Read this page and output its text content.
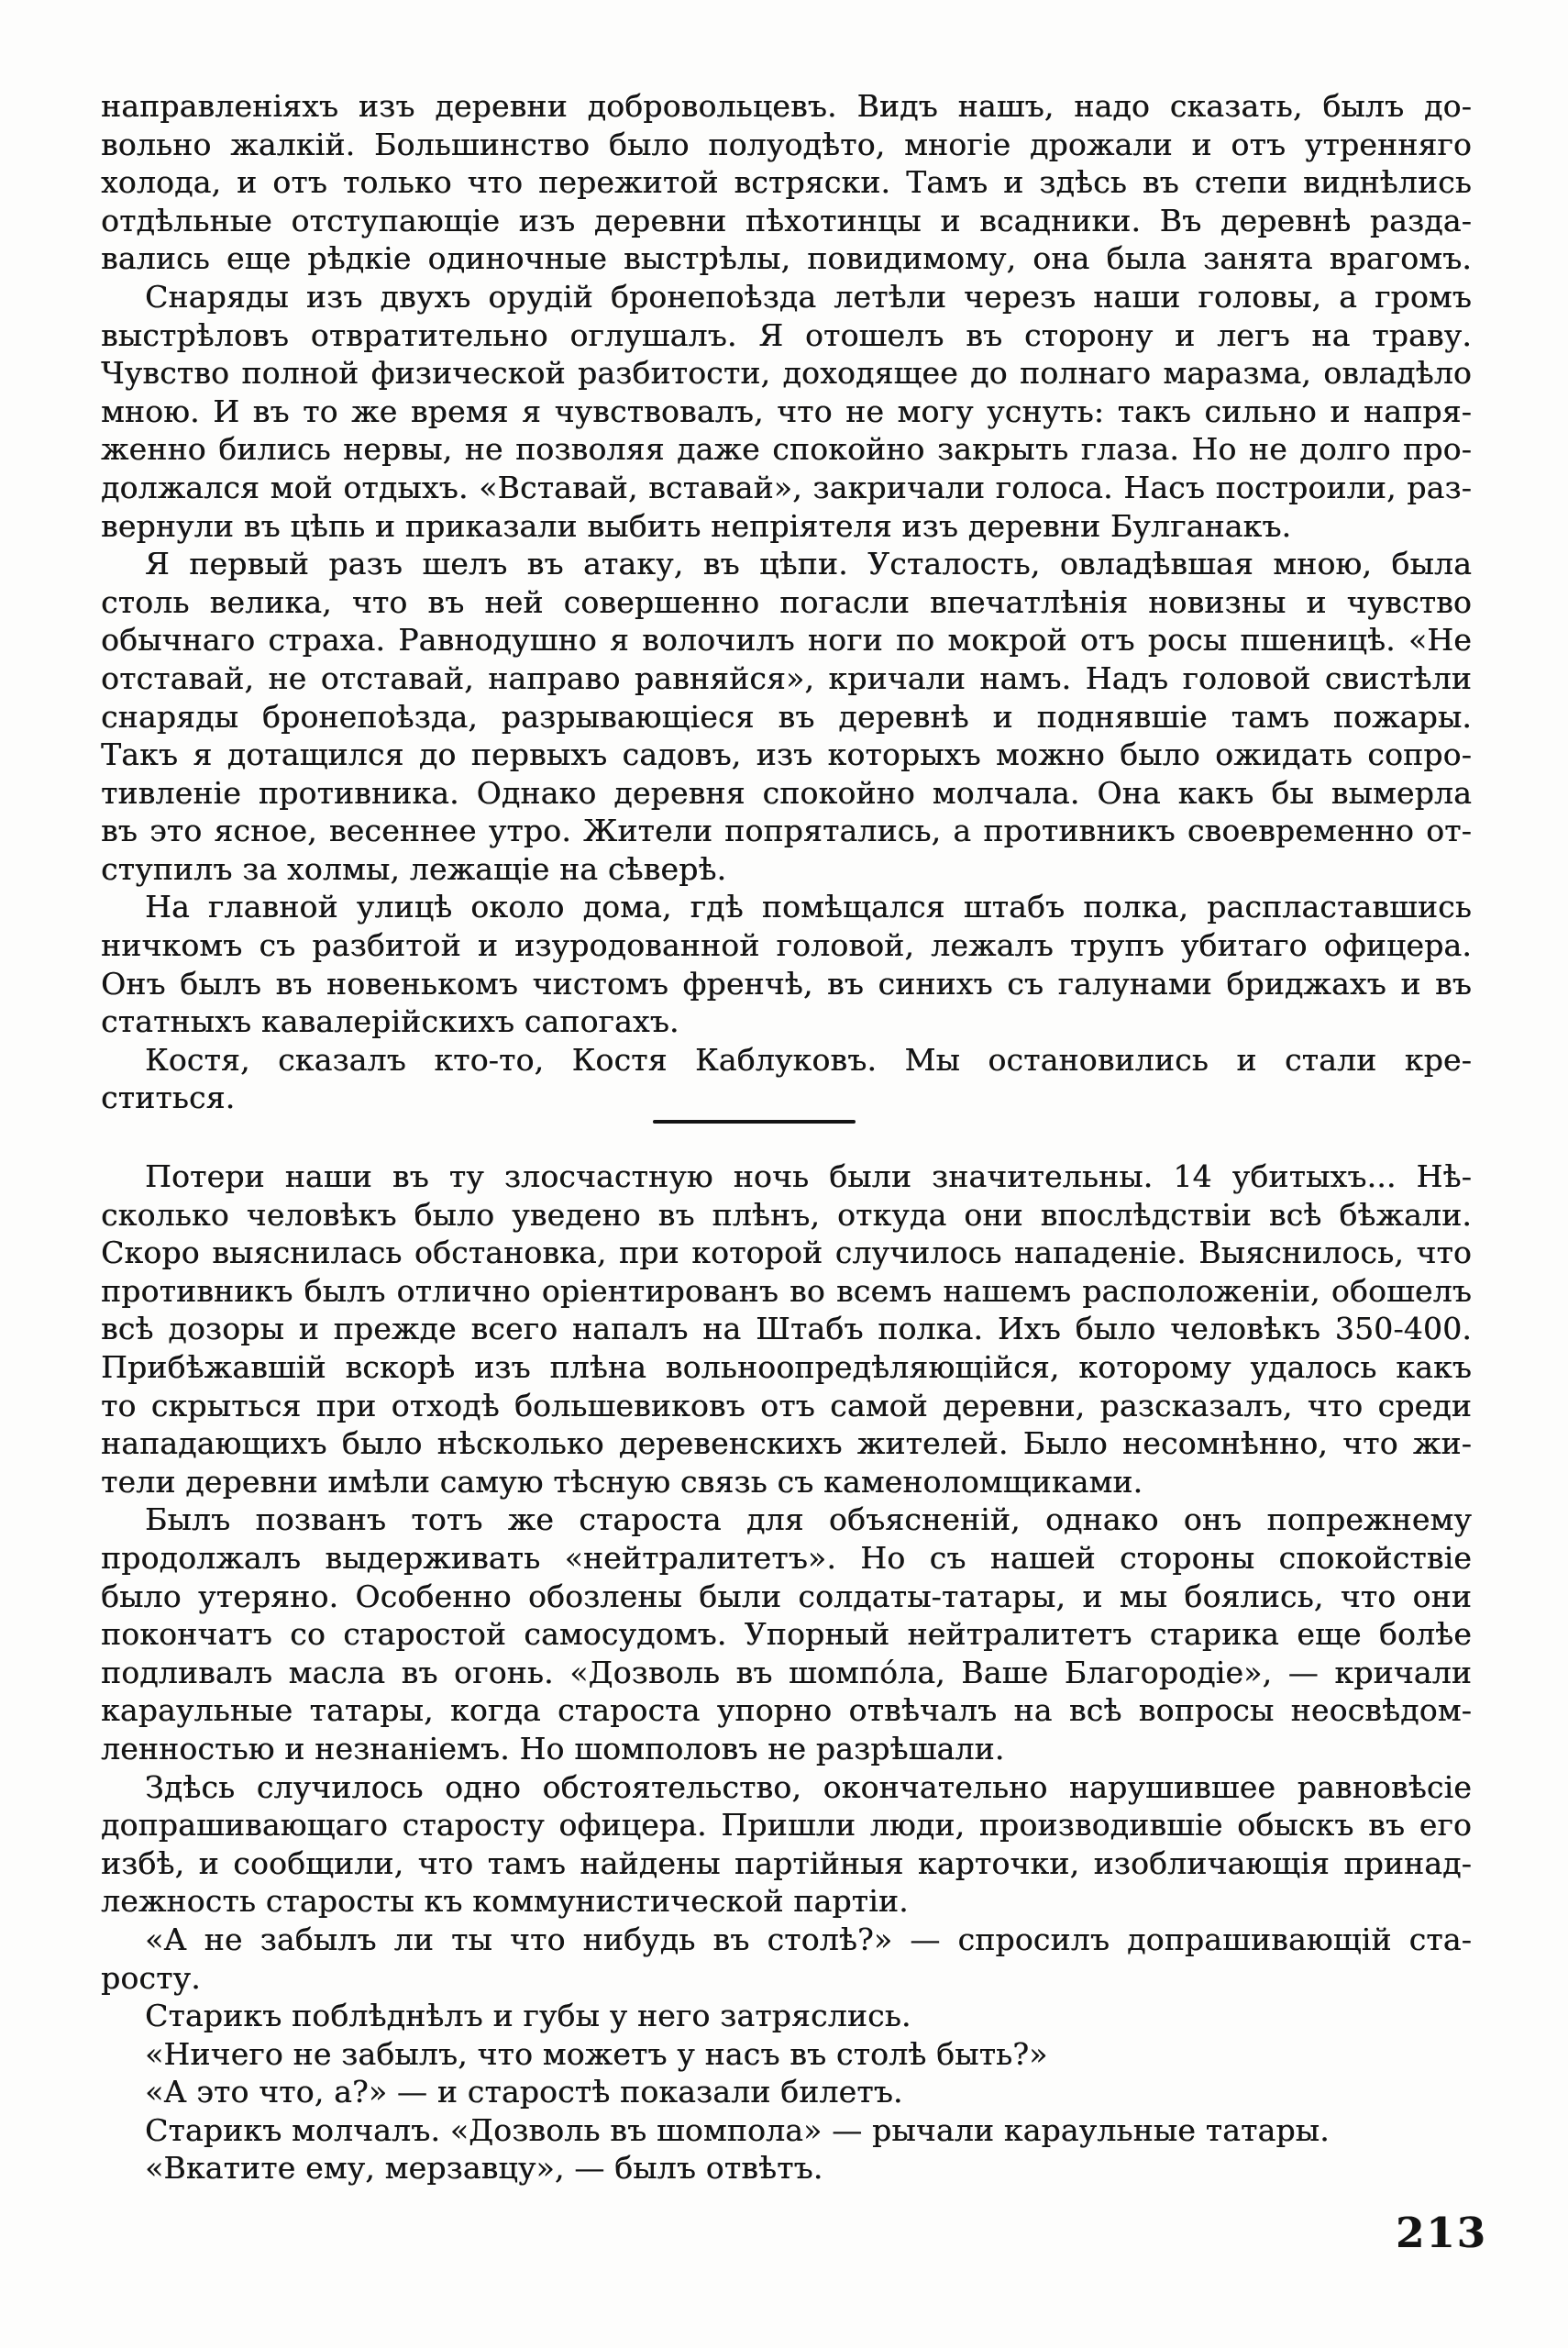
направленіяхъ изъ деревни добровольцевъ. Видъ нашъ, надо сказать, былъ до-
вольно жалкій. Большинство было полуодѣто, многіе дрожали и отъ утренняго
холода, и отъ только что пережитой встряски. Тамъ и здѣсь въ степи виднѣлись
отдѣльные отступающіе изъ деревни пѣхотинцы и всадники. Въ деревнѣ разда-
вались еще рѣдкіе одиночные выстрѣлы, повидимому, она была занята врагомъ.
Снаряды изъ двухъ орудій бронепоѣзда летѣли черезъ наши головы, а громъ
выстрѣловъ отвратительно оглушалъ. Я отошелъ въ сторону и легъ на траву.
Чувство полной физической разбитости, доходящее до полнаго маразма, овладѣло
мною. И въ то же время я чувствовалъ, что не могу уснуть: такъ сильно и напря-
женно бились нервы, не позволяя даже спокойно закрыть глаза. Но не долго про-
должался мой отдыхъ. «Вставай, вставай», закричали голоса. Насъ построили, раз-
вернули въ цѣпь и приказали выбить непріятеля изъ деревни Булганакъ.
Я первый разъ шелъ въ атаку, въ цѣпи. Усталость, овладѣвшая мною, была
столь велика, что въ ней совершенно погасли впечатлѣнія новизны и чувство
обычнаго страха. Равнодушно я волочилъ ноги по мокрой отъ росы пшеницѣ. «Не
отставай, не отставай, направо равняйся», кричали намъ. Надъ головой свистѣли
снаряды бронепоѣзда, разрывающіеся въ деревнѣ и поднявшіе тамъ пожары.
Такъ я дотащился до первыхъ садовъ, изъ которыхъ можно было ожидать сопро-
тивленіе противника. Однако деревня спокойно молчала. Она какъ бы вымерла
въ это ясное, весеннее утро. Жители попрятались, а противникъ своевременно от-
ступилъ за холмы, лежащіе на сѣверѣ.
На главной улицѣ около дома, гдѣ помѣщался штабъ полка, распластавшись
ничкомъ съ разбитой и изуродованной головой, лежалъ трупъ убитаго офицера.
Онъ былъ въ новенькомъ чистомъ френчѣ, въ синихъ съ галунами бриджахъ и въ
статныхъ кавалерійскихъ сапогахъ.
Костя, сказалъ кто-то, Костя Каблуковъ. Мы остановились и стали кре-
ститься.
Потери наши въ ту злосчастную ночь были значительны. 14 убитыхъ... Нѣ-
сколько человѣкъ было уведено въ плѣнъ, откуда они впослѣдствіи всѣ бѣжали.
Скоро выяснилась обстановка, при которой случилось нападеніе. Выяснилось, что
противникъ былъ отлично оріентированъ во всемъ нашемъ расположеніи, обошелъ
всѣ дозоры и прежде всего напалъ на Штабъ полка. Ихъ было человѣкъ 350-400.
Прибѣжавшій вскорѣ изъ плѣна вольноопредѣляющійся, которому удалось какъ
то скрыться при отходѣ большевиковъ отъ самой деревни, разсказалъ, что среди
нападающихъ было нѣсколько деревенскихъ жителей. Было несомнѣнно, что жи-
тели деревни имѣли самую тѣсную связь съ каменоломщиками.
Былъ позванъ тотъ же староста для объясненій, однако онъ попрежнему
продолжалъ выдерживать «нейтралитетъ». Но съ нашей стороны спокойствіе
было утеряно. Особенно обозлены были солдаты-татары, и мы боялись, что они
покончатъ со старостой самосудомъ. Упорный нейтралитетъ старика еще болѣе
подливалъ масла въ огонь. «Дозволь въ шомпо́ла, Ваше Благородіе», — кричали
караульные татары, когда староста упорно отвѣчалъ на всѣ вопросы неосвѣдом-
ленностью и незнаніемъ. Но шомполовъ не разрѣшали.
Здѣсь случилось одно обстоятельство, окончательно нарушившее равновѣсіе
допрашивающаго старосту офицера. Пришли люди, производившіе обыскъ въ его
избѣ, и сообщили, что тамъ найдены партійныя карточки, изобличающія принад-
лежность старосты къ коммунистической партіи.
«А не забылъ ли ты что нибудь въ столѣ?» — спросилъ допрашивающій ста-
росту.
Старикъ поблѣднѣлъ и губы у него затряслись.
«Ничего не забылъ, что можетъ у насъ въ столѣ быть?»
«А это что, а?» — и старостѣ показали билетъ.
Старикъ молчалъ. «Дозволь въ шомпола» — рычали караульные татары.
«Вкатите ему, мерзавцу», — былъ отвѣтъ.
213
